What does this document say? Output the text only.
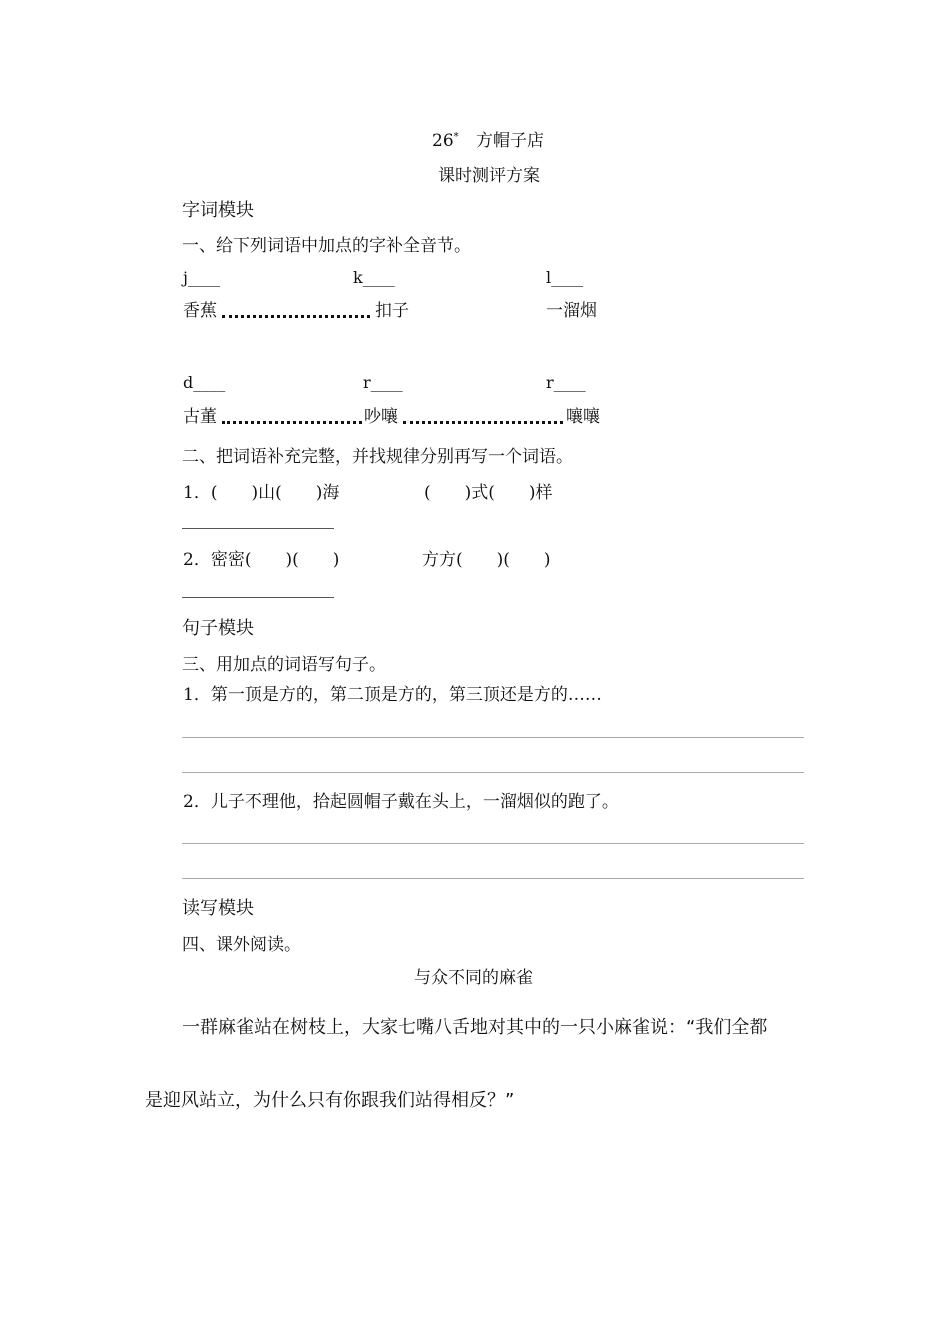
26* 方帽子店
课时测评方案
字词模块
一、给下列词语中加点的字补全音节。
j____	k____	l____
香蕉	扣子	一溜烟
d____	r____	r____
古董	吵嚷	嚷嚷
二、把词语补充完整，并找规律分别再写一个词语。
1．(　　)山(　　)海	(　　)式(　　)样
2．密密(　　)(　　)	方方(　　)(　　)
句子模块
三、用加点的词语写句子。
1．第一顶是方的，第二顶是方的，第三顶还是方的……
2．儿子不理他，拾起圆帽子戴在头上，一溜烟似的跑了。
读写模块
四、课外阅读。
与众不同的麻雀
一群麻雀站在树枝上，大家七嘴八舌地对其中的一只小麻雀说：“我们全都
是迎风站立，为什么只有你跟我们站得相反？”
